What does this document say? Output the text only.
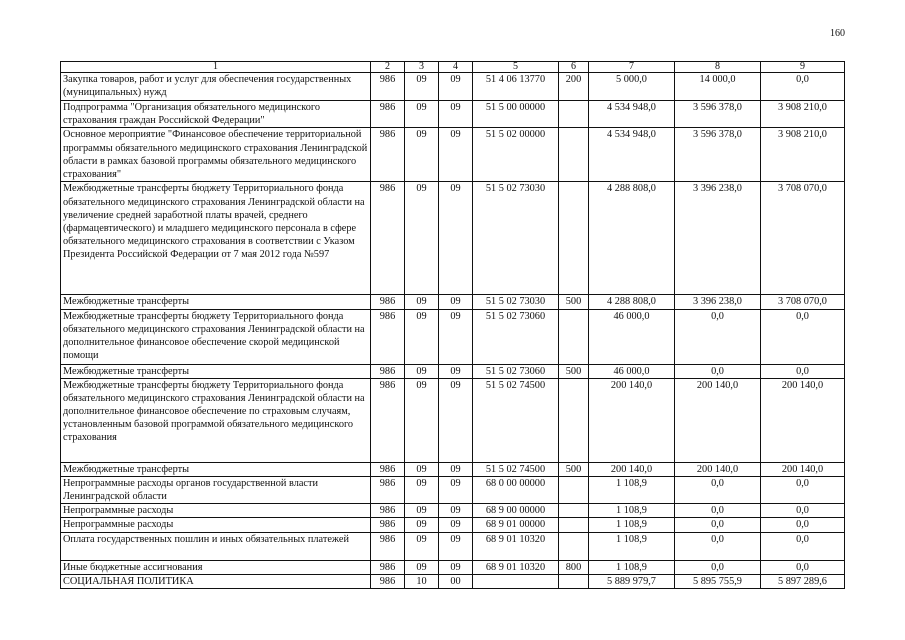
160
1	2	3	4	5	6	7	8	9
Закупка товаров, работ и услуг для обеспечения государственных (муниципальных) нужд	986	09	09	51 4 06 13770	200	5 000,0	14 000,0	0,0
Подпрограмма "Организация обязательного медицинского страхования граждан Российской Федерации"	986	09	09	51 5 00 00000		4 534 948,0	3 596 378,0	3 908 210,0
Основное мероприятие "Финансовое обеспечение территориальной программы обязательного медицинского страхования Ленинградской области в рамках базовой программы обязательного медицинского страхования"	986	09	09	51 5 02 00000		4 534 948,0	3 596 378,0	3 908 210,0
Межбюджетные трансферты бюджету Территориального фонда обязательного медицинского страхования Ленинградской области на увеличение средней заработной платы врачей, среднего (фармацевтического) и младшего медицинского персонала в сфере обязательного медицинского страхования в соответствии с Указом Президента Российской Федерации от 7 мая 2012 года №597	986	09	09	51 5 02 73030		4 288 808,0	3 396 238,0	3 708 070,0
Межбюджетные трансферты	986	09	09	51 5 02 73030	500	4 288 808,0	3 396 238,0	3 708 070,0
Межбюджетные трансферты бюджету Территориального фонда обязательного медицинского страхования Ленинградской области на дополнительное финансовое обеспечение скорой медицинской помощи	986	09	09	51 5 02 73060		46 000,0	0,0	0,0
Межбюджетные трансферты	986	09	09	51 5 02 73060	500	46 000,0	0,0	0,0
Межбюджетные трансферты бюджету Территориального фонда обязательного медицинского страхования Ленинградской области на дополнительное финансовое обеспечение по страховым случаям, установленным базовой программой обязательного медицинского страхования	986	09	09	51 5 02 74500		200 140,0	200 140,0	200 140,0
Межбюджетные трансферты	986	09	09	51 5 02 74500	500	200 140,0	200 140,0	200 140,0
Непрограммные расходы органов государственной власти Ленинградской области	986	09	09	68 0 00 00000		1 108,9	0,0	0,0
Непрограммные расходы	986	09	09	68 9 00 00000		1 108,9	0,0	0,0
Непрограммные расходы	986	09	09	68 9 01 00000		1 108,9	0,0	0,0
Оплата государственных пошлин и иных обязательных платежей	986	09	09	68 9 01 10320		1 108,9	0,0	0,0
Иные бюджетные ассигнования	986	09	09	68 9 01 10320	800	1 108,9	0,0	0,0
СОЦИАЛЬНАЯ ПОЛИТИКА	986	10	00			5 889 979,7	5 895 755,9	5 897 289,6
